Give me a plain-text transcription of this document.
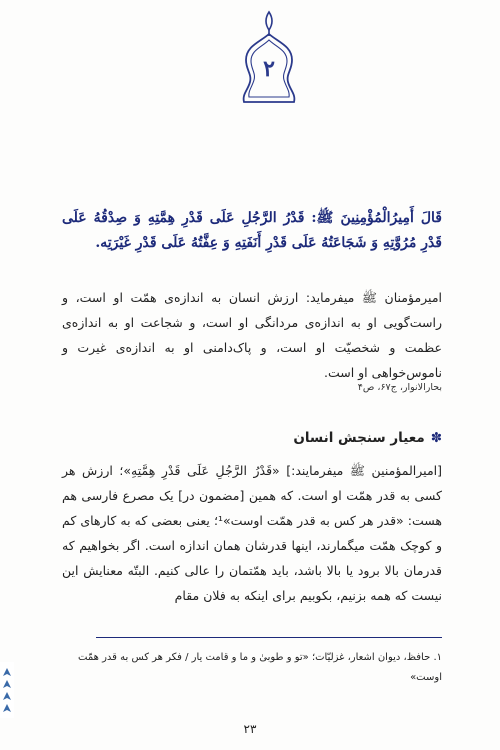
۲
قَالَ أَمِيرُالْمُؤْمِنِينَ ﷺ: قَدْرُ الرَّجُلِ عَلَى قَدْرِ هِمَّتِهِ وَ صِدْقُهُ عَلَى قَدْرِ مُرُوَّتِهِ وَ شَجَاعَتُهُ عَلَى قَدْرِ أَنَفَتِهِ وَ عِفَّتُهُ عَلَى قَدْرِ غَيْرَتِه.
امیرمؤمنان ﷺ میفرماید: ارزش انسان به اندازه‌ی همّت او است، و راست‌گویی او به اندازه‌ی مردانگی او است، و شجاعت او به اندازه‌ی عظمت و شخصیّت او است، و پاک‌دامنی او به اندازه‌ی غیرت و ناموس‌خواهی او است.
بحارالانوار، ج۶۷، ص۴
✽معیار سنجش انسان
[امیرالمؤمنین ﷺ میفرمایند:] «قَدْرُ الرَّجُلِ عَلَى قَدْرِ هِمَّتِهِ»؛ ارزش هر کسی به قدر همّت او است. که همین [مضمون در] یک مصرع فارسی هم هست: «قدر هر کس به قدر همّت اوست»¹؛ یعنی بعضی که به کارهای کم و کوچک همّت میگمارند، اینها قدرشان همان اندازه است. اگر بخواهیم که قدرمان بالا برود یا بالا باشد، باید همّتمان را عالی کنیم. البتّه معنایش این نیست که همه بزنیم، بکوبیم برای اینکه به فلان مقام
۱. حافظ، دیوان اشعار، غزلیّات؛ «تو و طوبیٰ و ما و قامت یار / فکر هر کس به قدر همّت اوست»
۲۳
